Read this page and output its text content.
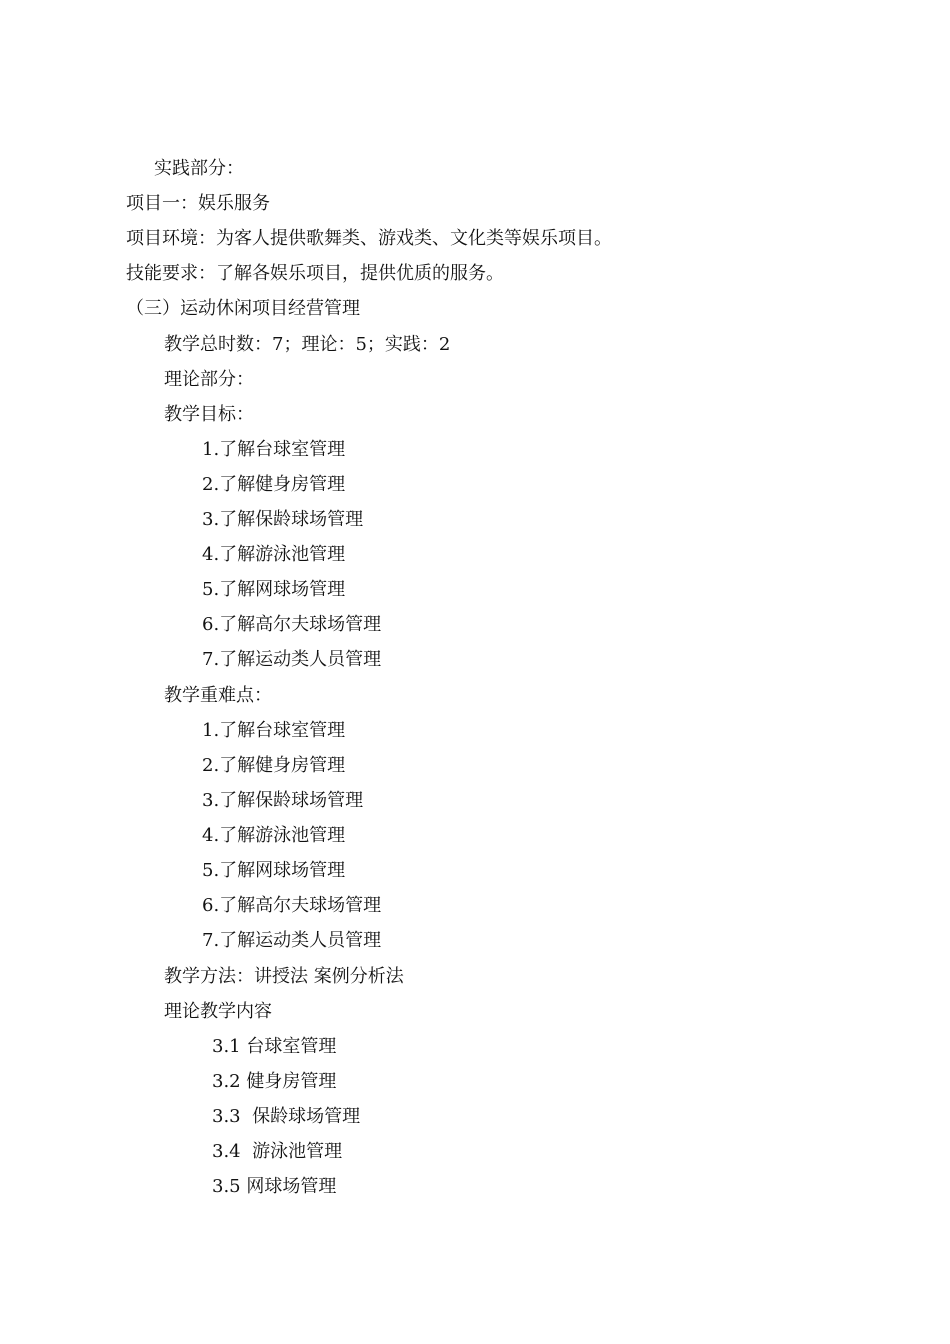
实践部分：
项目一：娱乐服务
项目环境：为客人提供歌舞类、游戏类、文化类等娱乐项目。
技能要求：了解各娱乐项目，提供优质的服务。
（三）运动休闲项目经营管理
教学总时数：7；理论：5；实践：2
理论部分：
教学目标：
1.了解台球室管理
2.了解健身房管理
3.了解保龄球场管理
4.了解游泳池管理
5.了解网球场管理
6.了解高尔夫球场管理
7.了解运动类人员管理
教学重难点：
1.了解台球室管理
2.了解健身房管理
3.了解保龄球场管理
4.了解游泳池管理
5.了解网球场管理
6.了解高尔夫球场管理
7.了解运动类人员管理
教学方法：讲授法 案例分析法
理论教学内容
3.1 台球室管理
3.2 健身房管理
3.3  保龄球场管理
3.4  游泳池管理
3.5 网球场管理
